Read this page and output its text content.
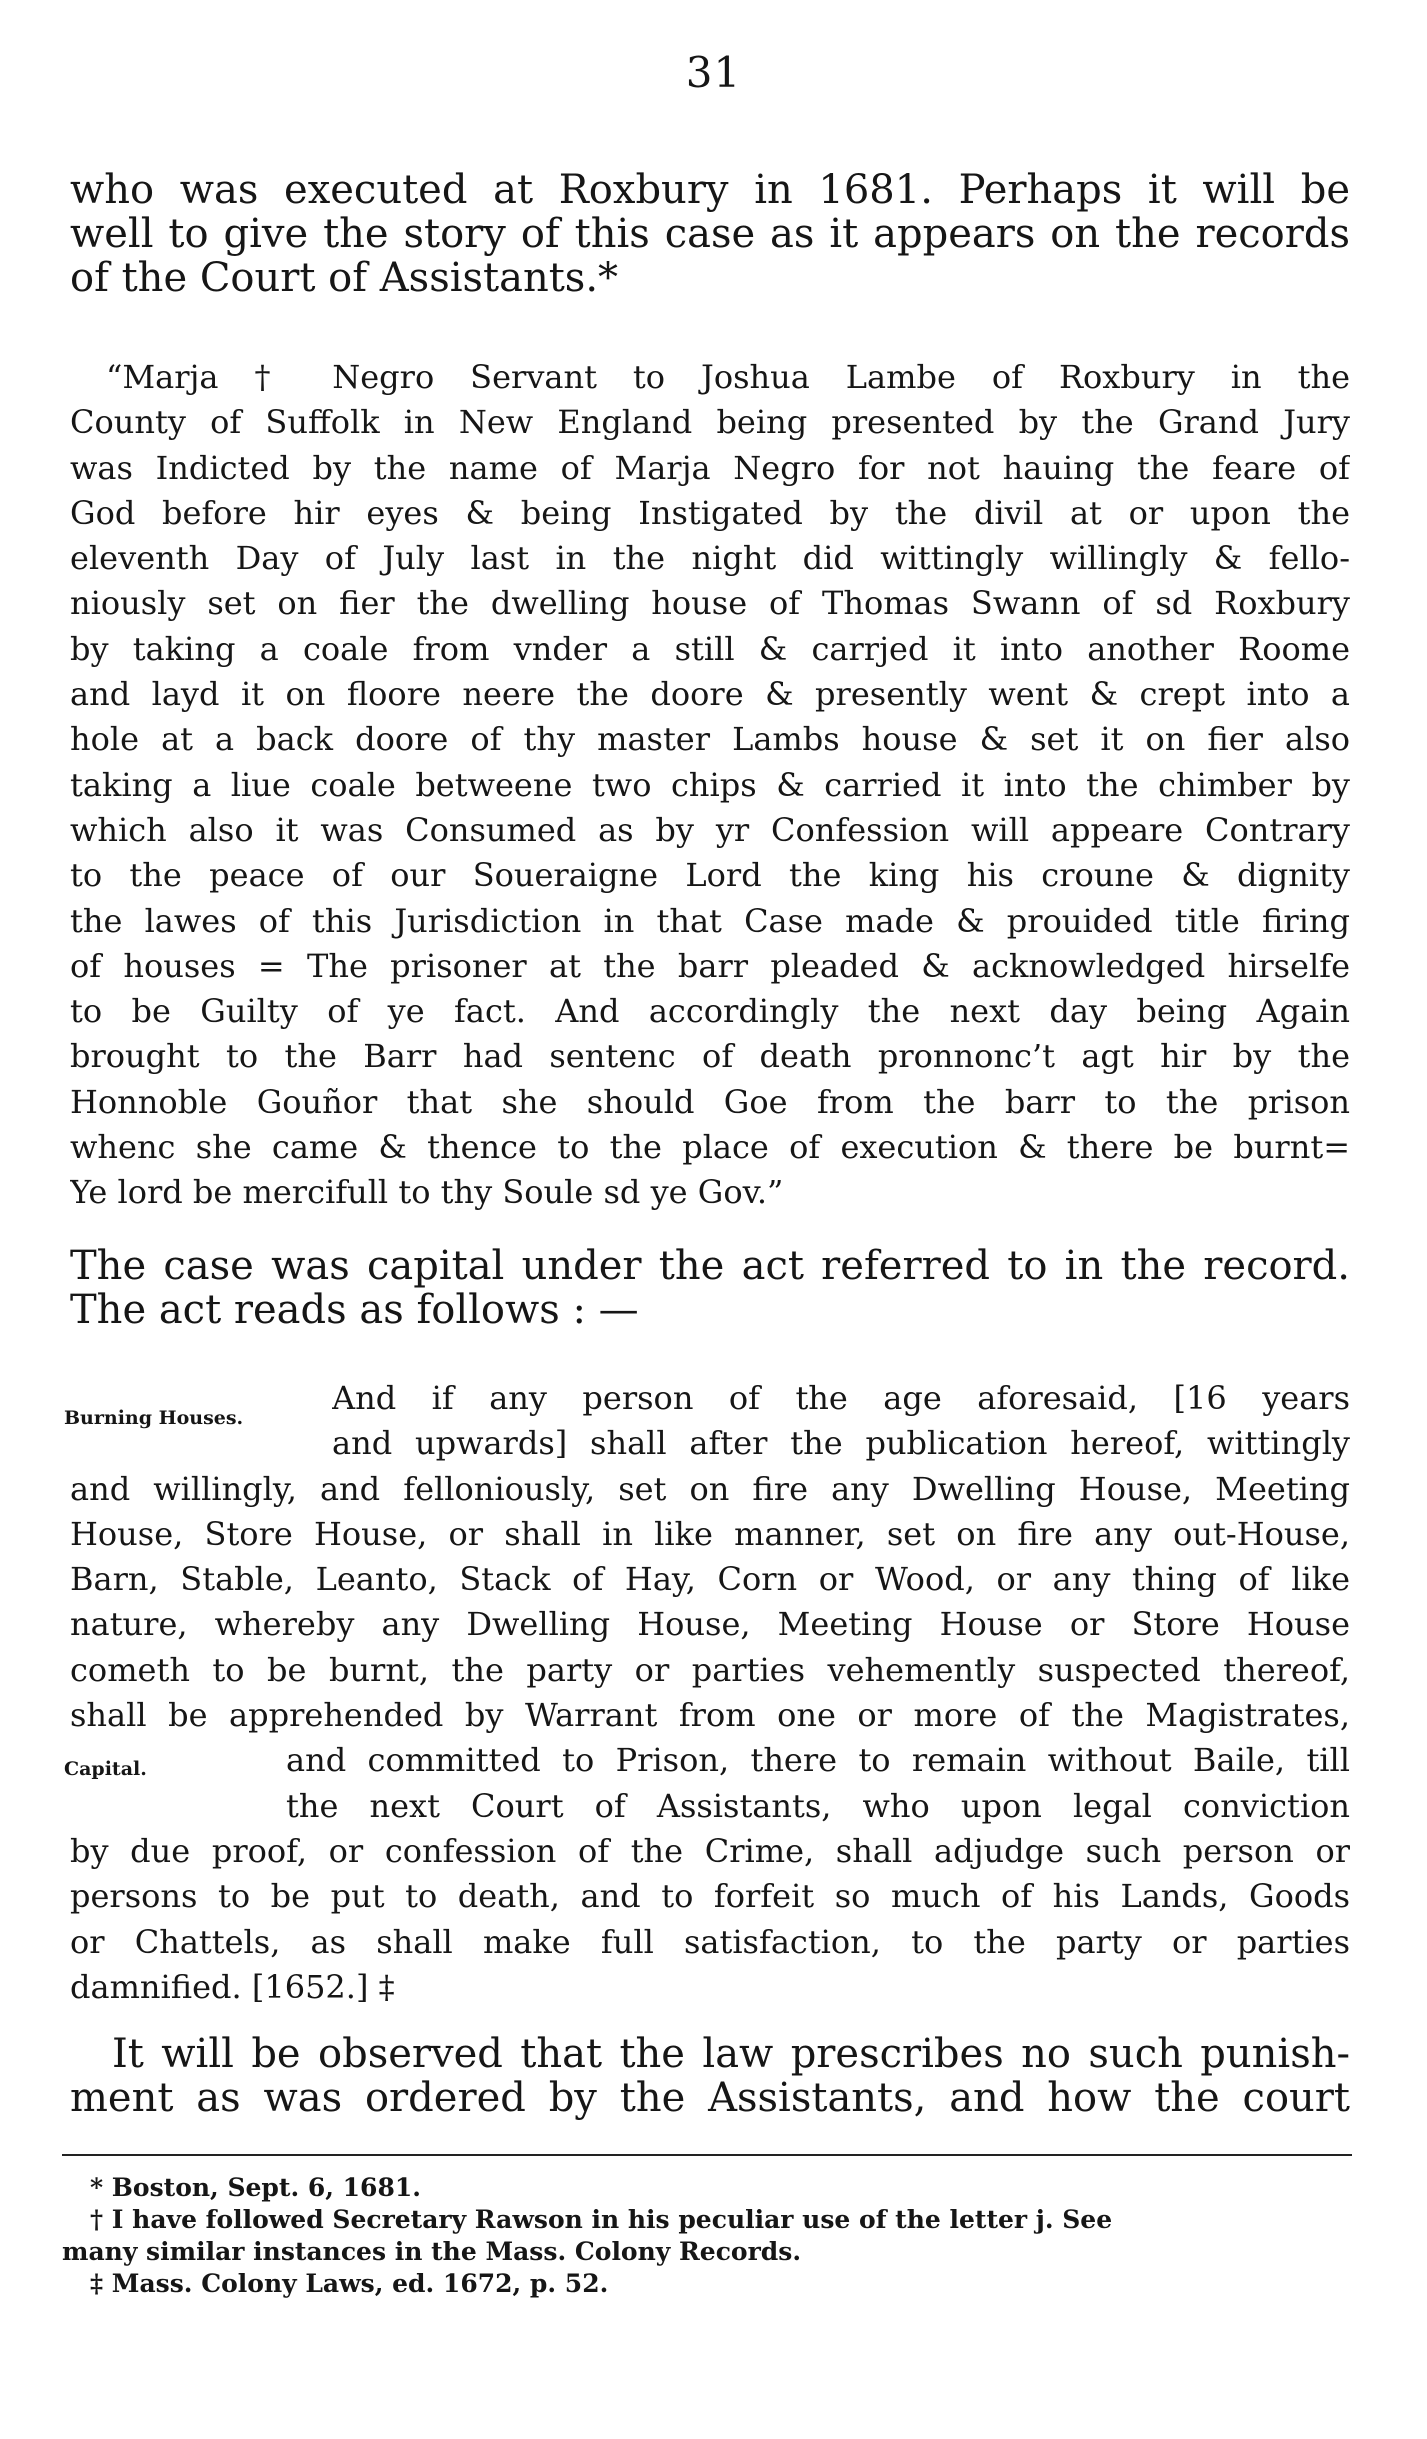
31
who was executed at Roxbury in 1681. Perhaps it will be
well to give the story of this case as it appears on the records
of the Court of Assistants.*
“Marja † Negro Servant to Joshua Lambe of Roxbury in the
County of Suffolk in New England being presented by the Grand Jury
was Indicted by the name of Marja Negro for not hauing the feare of
God before hir eyes & being Instigated by the divil at or upon the
eleventh Day of July last in the night did wittingly willingly & fello-
niously set on fier the dwelling house of Thomas Swann of sd Roxbury
by taking a coale from vnder a still & carrjed it into another Roome
and layd it on floore neere the doore & presently went & crept into a
hole at a back doore of thy master Lambs house & set it on fier also
taking a liue coale betweene two chips & carried it into the chimber by
which also it was Consumed as by yr Confession will appeare Contrary
to the peace of our Soueraigne Lord the king his croune & dignity
the lawes of this Jurisdiction in that Case made & prouided title firing
of houses = The prisoner at the barr pleaded & acknowledged hirselfe
to be Guilty of ye fact. And accordingly the next day being Again
brought to the Barr had sentenc of death pronnonc’t agt hir by the
Honnoble Gouñor that she should Goe from the barr to the prison
whenc she came & thence to the place of execution & there be burnt=
Ye lord be mercifull to thy Soule sd ye Gov.”
The case was capital under the act referred to in the record.
The act reads as follows : —
Burning Houses.
Capital.
And if any person of the age aforesaid, [16 years
and upwards] shall after the publication hereof, wittingly
and willingly, and felloniously, set on fire any Dwelling House, Meeting
House, Store House, or shall in like manner, set on fire any out-House,
Barn, Stable, Leanto, Stack of Hay, Corn or Wood, or any thing of like
nature, whereby any Dwelling House, Meeting House or Store House
cometh to be burnt, the party or parties vehemently suspected thereof,
shall be apprehended by Warrant from one or more of the Magistrates,
and committed to Prison, there to remain without Baile, till
the next Court of Assistants, who upon legal conviction
by due proof, or confession of the Crime, shall adjudge such person or
persons to be put to death, and to forfeit so much of his Lands, Goods
or Chattels, as shall make full satisfaction, to the party or parties
damnified. [1652.] ‡
It will be observed that the law prescribes no such punish-
ment as was ordered by the Assistants, and how the court
* Boston, Sept. 6, 1681.
† I have followed Secretary Rawson in his peculiar use of the letter j. See
many similar instances in the Mass. Colony Records.
‡ Mass. Colony Laws, ed. 1672, p. 52.
